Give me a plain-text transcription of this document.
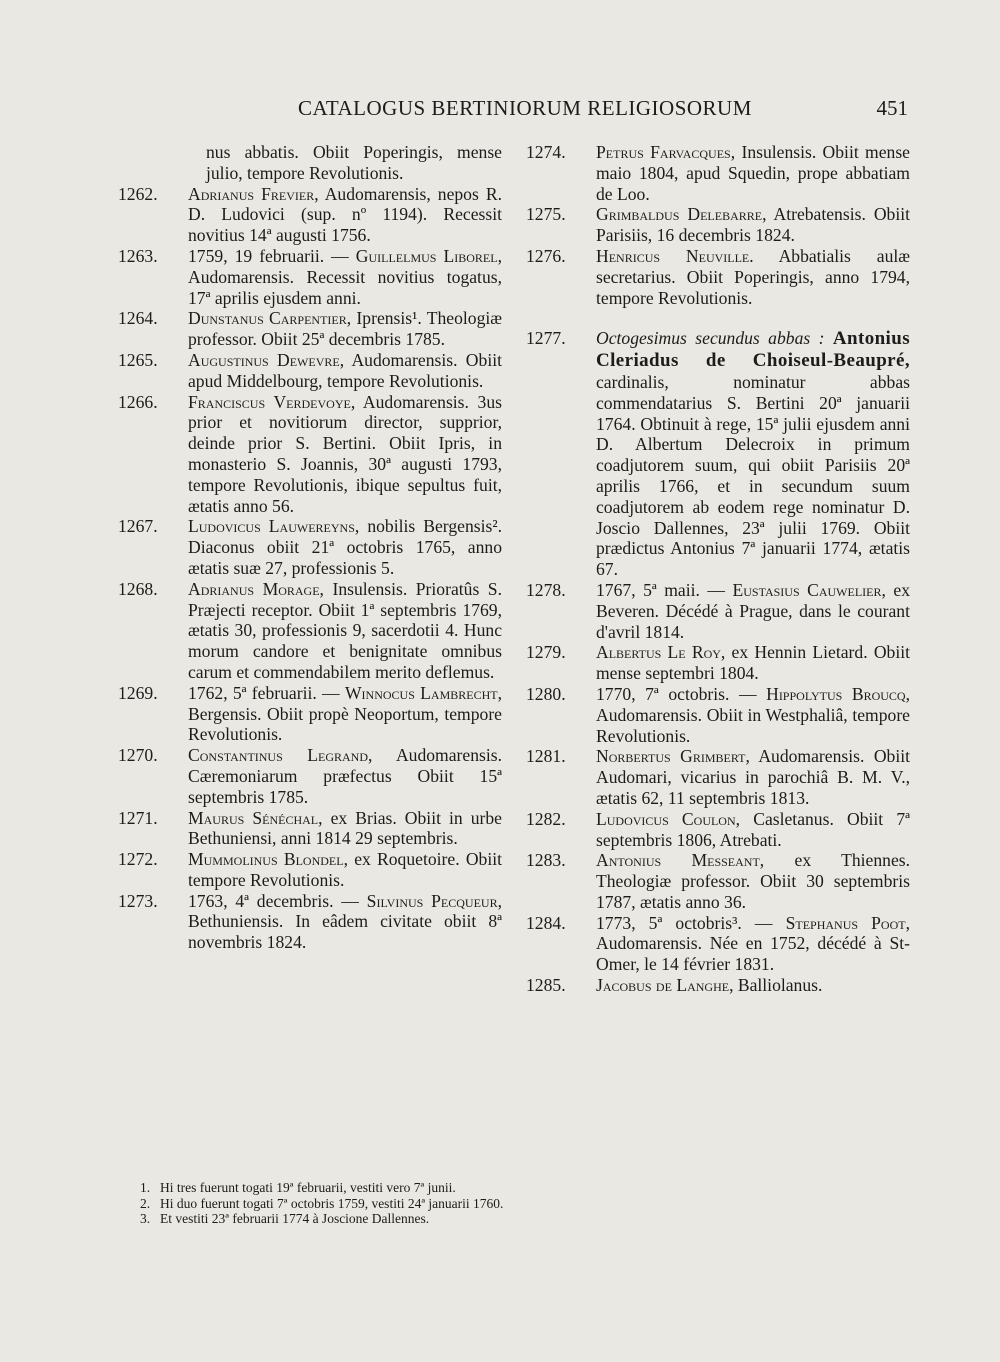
CATALOGUS BERTINIORUM RELIGIOSORUM	451
nus abbatis. Obiit Poperingis, mense julio, tempore Revolutionis.
1262.	Adrianus Frevier, Audomarensis, nepos R. D. Ludovici (sup. nº 1194). Recessit novitius 14ª augusti 1756.
1263.	1759, 19 februarii. — Guillelmus Liborel, Audomarensis. Recessit novitius togatus, 17ª aprilis ejusdem anni.
1264.	Dunstanus Carpentier, Iprensis¹. Theologiæ professor. Obiit 25ª decembris 1785.
1265.	Augustinus Dewevre, Audomarensis. Obiit apud Middelbourg, tempore Revolutionis.
1266.	Franciscus Verdevoye, Audomarensis. 3us prior et novitiorum director, supprior, deinde prior S. Bertini. Obiit Ipris, in monasterio S. Joannis, 30ª augusti 1793, tempore Revolutionis, ibique sepultus fuit, ætatis anno 56.
1267.	Ludovicus Lauwereyns, nobilis Bergensis². Diaconus obiit 21ª octobris 1765, anno ætatis suæ 27, professionis 5.
1268.	Adrianus Morage, Insulensis. Prioratûs S. Præjecti receptor. Obiit 1ª septembris 1769, ætatis 30, professionis 9, sacerdotii 4. Hunc morum candore et benignitate omnibus carum et commendabilem merito deflemus.
1269.	1762, 5ª februarii. — Winnocus Lambrecht, Bergensis. Obiit propè Neoportum, tempore Revolutionis.
1270.	Constantinus Legrand, Audomarensis. Cæremoniarum præfectus Obiit 15ª septembris 1785.
1271.	Maurus Sénéchal, ex Brias. Obiit in urbe Bethuniensi, anni 1814 29 septembris.
1272.	Mummolinus Blondel, ex Roquetoire. Obiit tempore Revolutionis.
1273.	1763, 4ª decembris. — Silvinus Pecqueur, Bethuniensis. In eâdem civitate obiit 8ª novembris 1824.
1274.	Petrus Farvacques, Insulensis. Obiit mense maio 1804, apud Squedin, prope abbatiam de Loo.
1275.	Grimbaldus Delebarre, Atrebatensis. Obiit Parisiis, 16 decembris 1824.
1276.	Henricus Neuville. Abbatialis aulæ secretarius. Obiit Poperingis, anno 1794, tempore Revolutionis.
1277.	Octogesimus secundus abbas : Antonius Cleriadus de Choiseul-Beaupré, cardinalis, nominatur abbas commendatarius S. Bertini 20ª januarii 1764. Obtinuit à rege, 15ª julii ejusdem anni D. Albertum Delecroix in primum coadjutorem suum, qui obiit Parisiis 20ª aprilis 1766, et in secundum suum coadjutorem ab eodem rege nominatur D. Joscio Dallennes, 23ª julii 1769. Obiit prædictus Antonius 7ª januarii 1774, ætatis 67.
1278.	1767, 5ª maii. — Eustasius Cauwelier, ex Beveren. Décédé à Prague, dans le courant d'avril 1814.
1279.	Albertus Le Roy, ex Hennin Lietard. Obiit mense septembri 1804.
1280.	1770, 7ª octobris. — Hippolytus Broucq, Audomarensis. Obiit in Westphaliâ, tempore Revolutionis.
1281.	Norbertus Grimbert, Audomarensis. Obiit Audomari, vicarius in parochiâ B. M. V., ætatis 62, 11 septembris 1813.
1282.	Ludovicus Coulon, Casletanus. Obiit 7ª septembris 1806, Atrebati.
1283.	Antonius Messeant, ex Thiennes. Theologiæ professor. Obiit 30 septembris 1787, ætatis anno 36.
1284.	1773, 5ª octobris³. — Stephanus Poot, Audomarensis. Née en 1752, décédé à St-Omer, le 14 février 1831.
1285.	Jacobus de Langhe, Balliolanus.
1. Hi tres fuerunt togati 19ª februarii, vestiti vero 7ª junii.
2. Hi duo fuerunt togati 7ª octobris 1759, vestiti 24ª januarii 1760.
3. Et vestiti 23ª februarii 1774 à Joscione Dallennes.
